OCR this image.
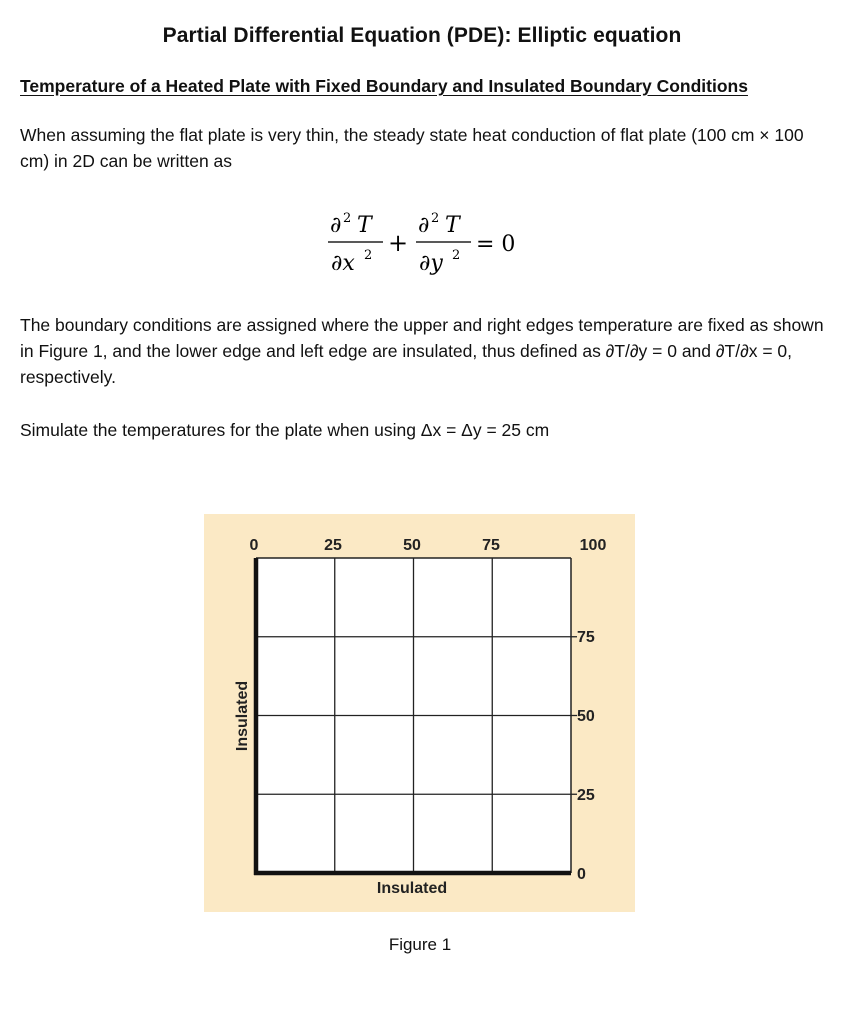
Partial Differential Equation (PDE): Elliptic equation
Temperature of a Heated Plate with Fixed Boundary and Insulated Boundary Conditions
When assuming the flat plate is very thin, the steady state heat conduction of flat plate (100 cm × 100 cm) in 2D can be written as
∂ 2 T
∂x 2 +
∂ 2 T
∂y 2 = 0
The boundary conditions are assigned where the upper and right edges temperature are fixed as shown in Figure 1, and the lower edge and left edge are insulated, thus defined as ∂T/∂y = 0 and ∂T/∂x = 0, respectively.
Simulate the temperatures for the plate when using Δx = Δy = 25 cm
0	25	50	75	100
75
50
25
0
Insulated
Insulated
Figure 1
